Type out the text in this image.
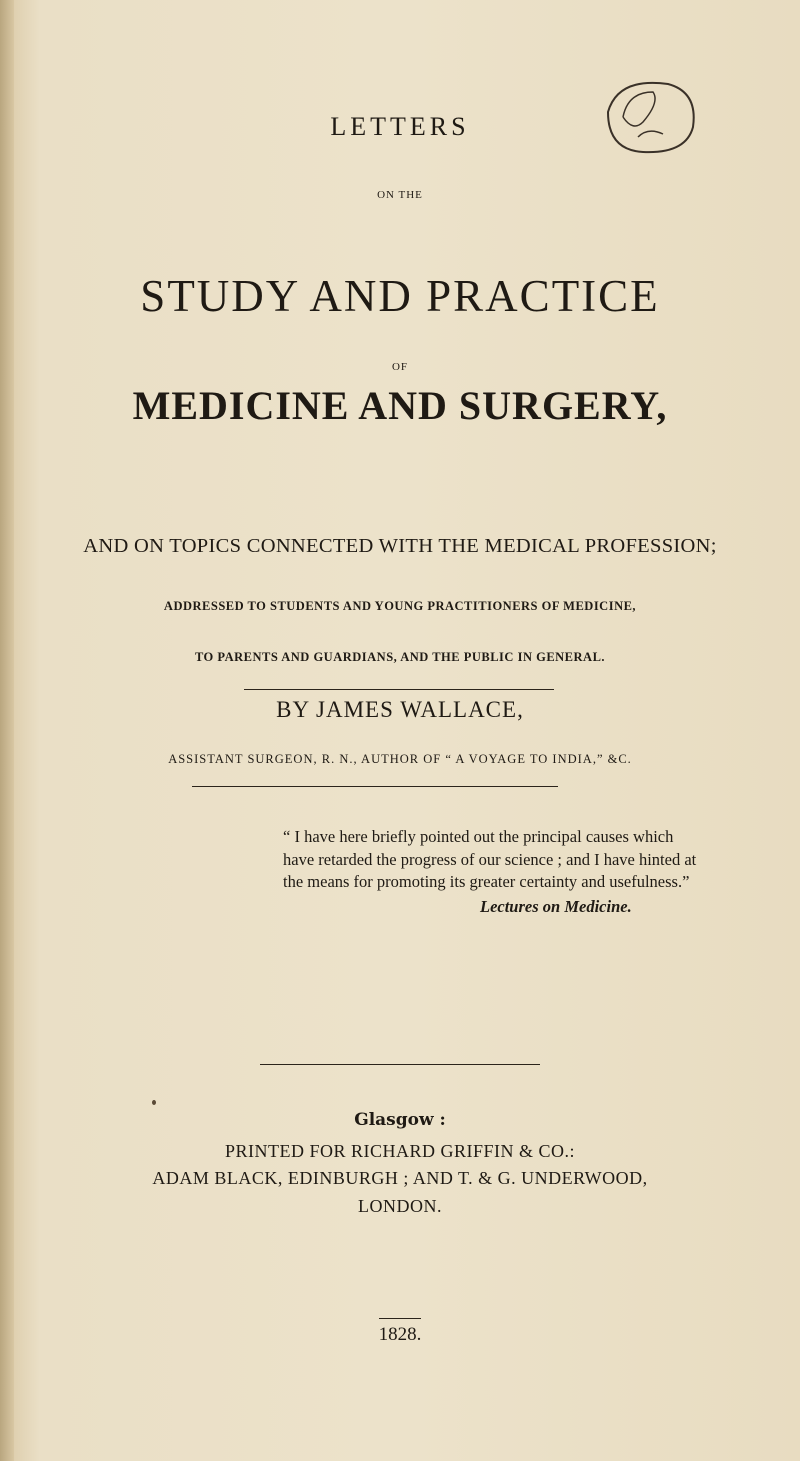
LETTERS
ON THE
STUDY AND PRACTICE
OF
MEDICINE AND SURGERY,
AND ON TOPICS CONNECTED WITH THE MEDICAL PROFESSION;
ADDRESSED TO STUDENTS AND YOUNG PRACTITIONERS OF MEDICINE,
TO PARENTS AND GUARDIANS, AND THE PUBLIC IN GENERAL.
BY JAMES WALLACE,
ASSISTANT SURGEON, R. N., AUTHOR OF “ A VOYAGE TO INDIA,” &C.
“ I have here briefly pointed out the principal causes which
have retarded the progress of our science ; and I have hinted at
the means for promoting its greater certainty and usefulness.”
Lectures on Medicine.
Glasgow :
PRINTED FOR RICHARD GRIFFIN & CO.:
ADAM BLACK, EDINBURGH ; AND T. & G. UNDERWOOD,
LONDON.
1828.
